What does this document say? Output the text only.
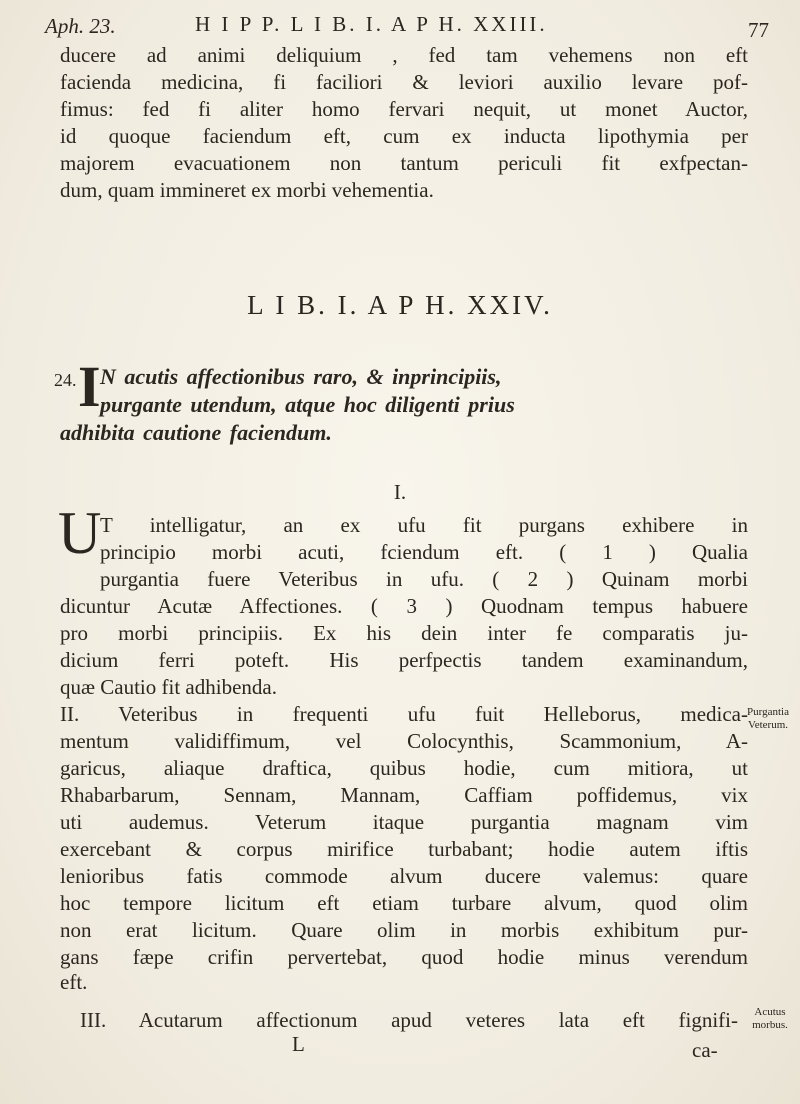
Aph. 23.	H I P P. L I B. I. A P H. XXIII.	77
ducere ad animi deliquium , fed tam vehemens non eft
facienda medicina, fi faciliori & leviori auxilio levare pof-
fimus: fed fi aliter homo fervari nequit, ut monet Auctor,
id quoque faciendum eft, cum ex inducta lipothymia per
majorem evacuationem non tantum periculi fit exfpectan-
dum, quam immineret ex morbi vehementia.
L I B. I. A P H. XXIV.
24. I N acutis affectionibus raro, & inprincipiis,
purgante utendum, atque hoc diligenti prius
adhibita cautione faciendum.
I.
U
T intelligatur, an ex ufu fit purgans exhibere in
principio morbi acuti, fciendum eft. ( 1 ) Qualia
purgantia fuere Veteribus in ufu. ( 2 ) Quinam morbi
dicuntur Acutæ Affectiones. ( 3 ) Quodnam tempus habuere
pro morbi principiis. Ex his dein inter fe comparatis ju-
dicium ferri poteft. His perfpectis tandem examinandum,
quæ Cautio fit adhibenda.
II. Veteribus in frequenti ufu fuit Helleborus, medica-
mentum validiffimum, vel Colocynthis, Scammonium, A-
garicus, aliaque draftica, quibus hodie, cum mitiora, ut
Rhabarbarum, Sennam, Mannam, Caffiam poffidemus, vix
uti audemus. Veterum itaque purgantia magnam vim
exercebant & corpus mirifice turbabant; hodie autem iftis
lenioribus fatis commode alvum ducere valemus: quare
hoc tempore licitum eft etiam turbare alvum, quod olim
non erat licitum. Quare olim in morbis exhibitum pur-
gans fæpe crifin pervertebat, quod hodie minus verendum
eft.
III. Acutarum affectionum apud veteres lata eft fignifi-
L	ca-
Purgantia Veterum.
Acutus morbus.
